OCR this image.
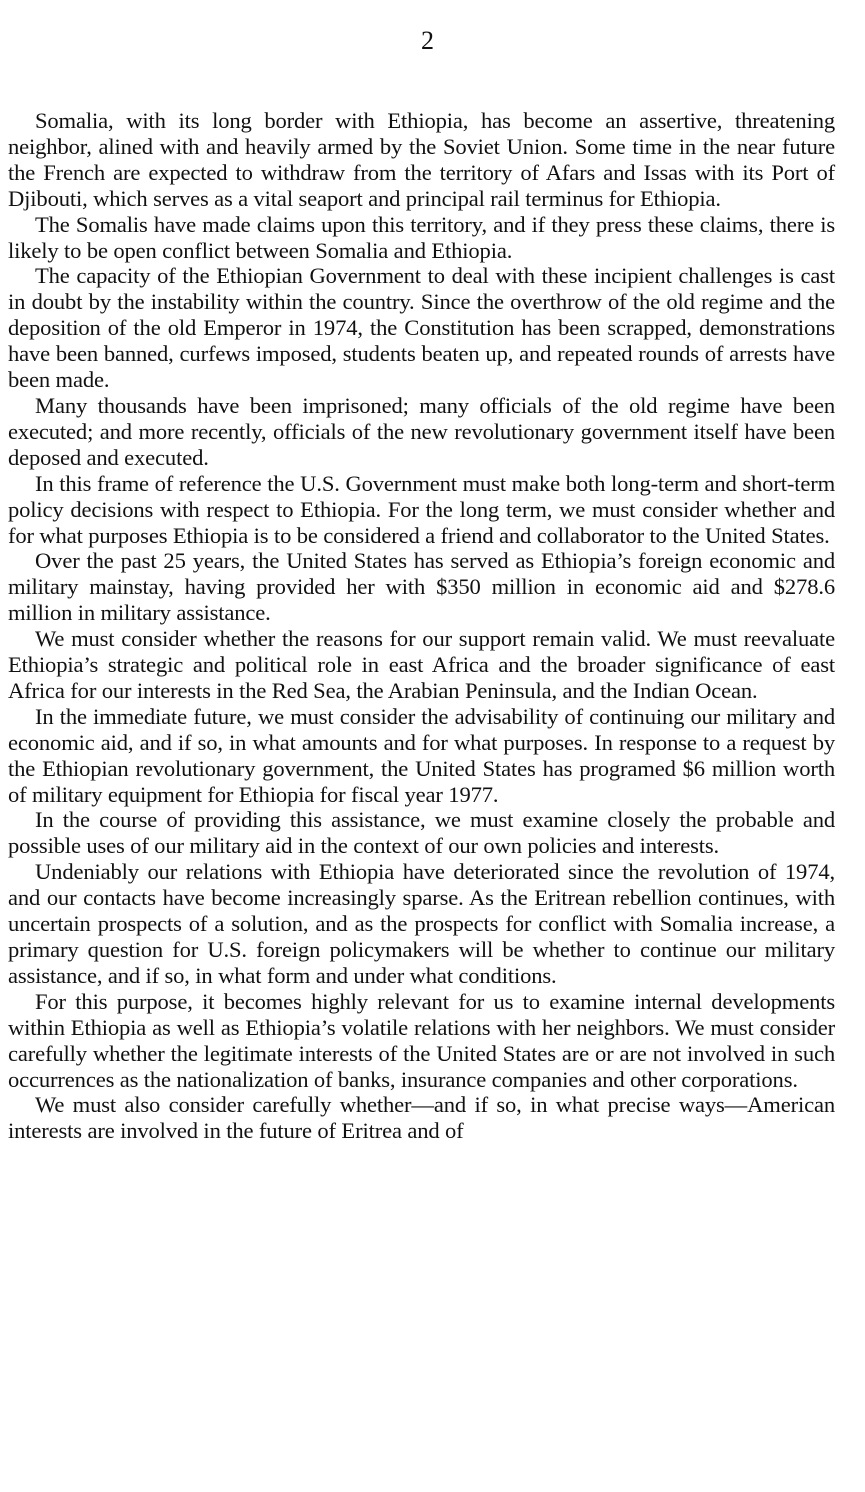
2

Somalia, with its long border with Ethiopia, has become an assertive, threatening neighbor, alined with and heavily armed by the Soviet Union. Some time in the near future the French are expected to withdraw from the territory of Afars and Issas with its Port of Djibouti, which serves as a vital seaport and principal rail terminus for Ethiopia.

The Somalis have made claims upon this territory, and if they press these claims, there is likely to be open conflict between Somalia and Ethiopia.

The capacity of the Ethiopian Government to deal with these incipient challenges is cast in doubt by the instability within the country. Since the overthrow of the old regime and the deposition of the old Emperor in 1974, the Constitution has been scrapped, demonstrations have been banned, curfews imposed, students beaten up, and repeated rounds of arrests have been made.

Many thousands have been imprisoned; many officials of the old regime have been executed; and more recently, officials of the new revolutionary government itself have been deposed and executed.

In this frame of reference the U.S. Government must make both long-term and short-term policy decisions with respect to Ethiopia. For the long term, we must consider whether and for what purposes Ethiopia is to be considered a friend and collaborator to the United States.

Over the past 25 years, the United States has served as Ethiopia’s foreign economic and military mainstay, having provided her with $350 million in economic aid and $278.6 million in military assistance.

We must consider whether the reasons for our support remain valid. We must reevaluate Ethiopia’s strategic and political role in east Africa and the broader significance of east Africa for our interests in the Red Sea, the Arabian Peninsula, and the Indian Ocean.

In the immediate future, we must consider the advisability of continuing our military and economic aid, and if so, in what amounts and for what purposes. In response to a request by the Ethiopian revolutionary government, the United States has programed $6 million worth of military equipment for Ethiopia for fiscal year 1977.

In the course of providing this assistance, we must examine closely the probable and possible uses of our military aid in the context of our own policies and interests.

Undeniably our relations with Ethiopia have deteriorated since the revolution of 1974, and our contacts have become increasingly sparse. As the Eritrean rebellion continues, with uncertain prospects of a solution, and as the prospects for conflict with Somalia increase, a primary question for U.S. foreign policymakers will be whether to continue our military assistance, and if so, in what form and under what conditions.

For this purpose, it becomes highly relevant for us to examine internal developments within Ethiopia as well as Ethiopia’s volatile relations with her neighbors. We must consider carefully whether the legitimate interests of the United States are or are not involved in such occurrences as the nationalization of banks, insurance companies and other corporations.

We must also consider carefully whether—and if so, in what precise ways—American interests are involved in the future of Eritrea and of
